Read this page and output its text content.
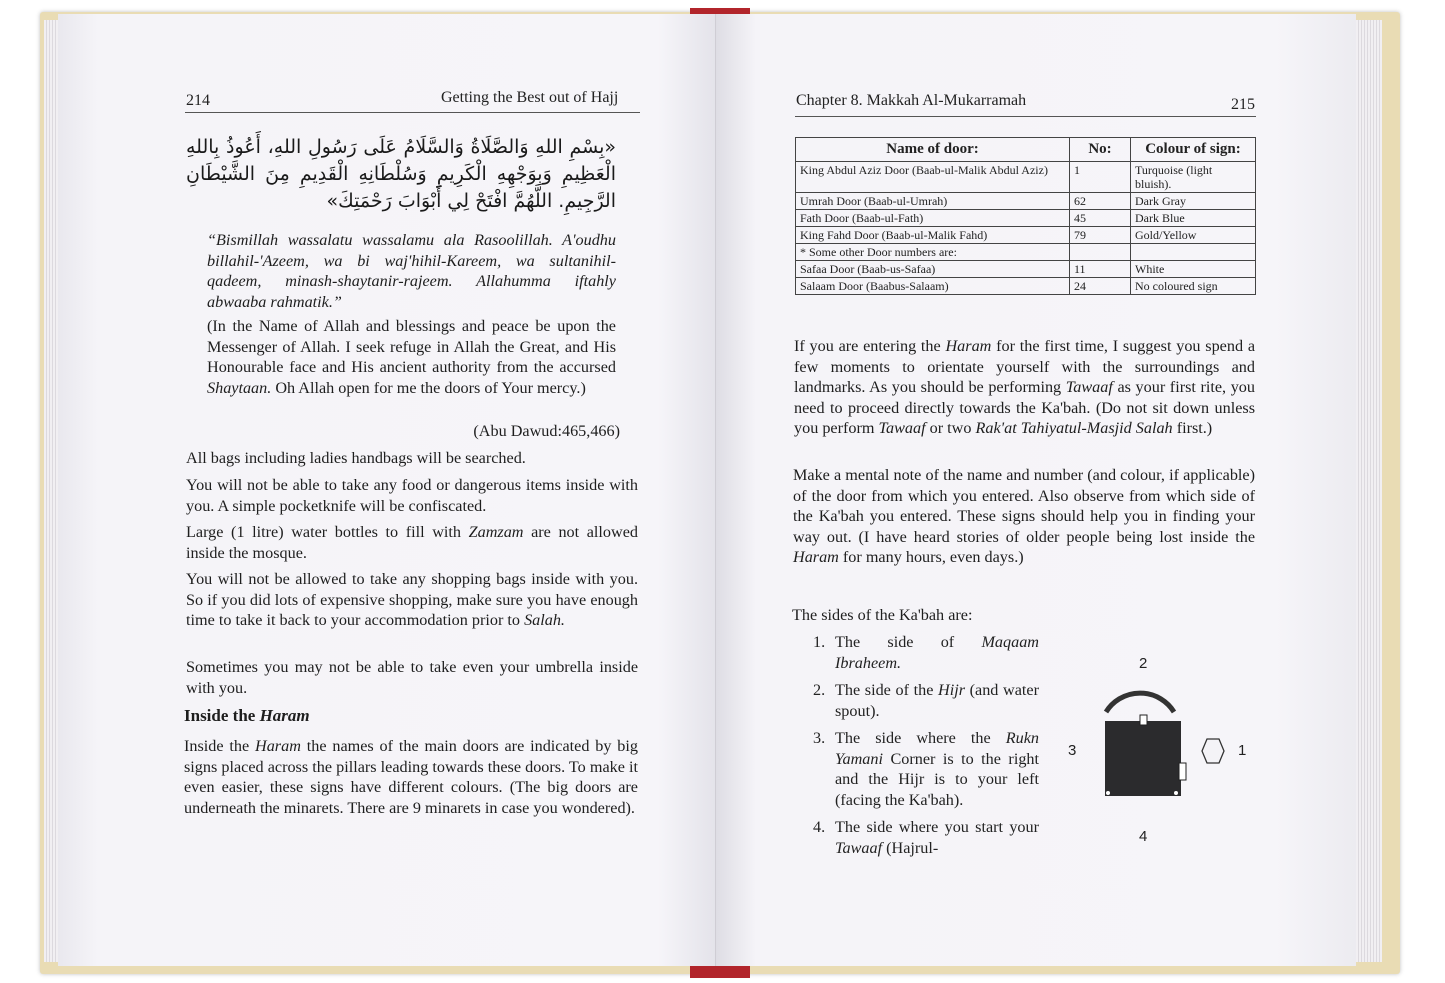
214	Getting the Best out of Hajj
«بِسْمِ اللهِ وَالصَّلَاةُ وَالسَّلَامُ عَلَى رَسُولِ اللهِ، أَعُوذُ بِاللهِ الْعَظِيمِ وَبِوَجْهِهِ الْكَرِيمِ وَسُلْطَانِهِ الْقَدِيمِ مِنَ الشَّيْطَانِ الرَّجِيمِ. اللَّهُمَّ افْتَحْ لِي أَبْوَابَ رَحْمَتِكَ»
“Bismillah wassalatu wassalamu ala Rasoolillah. A'oudhu billahil-'Azeem, wa bi waj'hihil-Kareem, wa sultanihil-qadeem, minash-shaytanir-rajeem. Allahumma iftahly abwaaba rahmatik.”
(In the Name of Allah and blessings and peace be upon the Messenger of Allah. I seek refuge in Allah the Great, and His Honourable face and His ancient authority from the accursed Shaytaan. Oh Allah open for me the doors of Your mercy.)
(Abu Dawud:465,466)
All bags including ladies handbags will be searched.
You will not be able to take any food or dangerous items inside with you. A simple pocketknife will be confiscated.
Large (1 litre) water bottles to fill with Zamzam are not allowed inside the mosque.
You will not be allowed to take any shopping bags inside with you. So if you did lots of expensive shopping, make sure you have enough time to take it back to your accommodation prior to Salah.
Sometimes you may not be able to take even your umbrella inside with you.
Inside the Haram
Inside the Haram the names of the main doors are indicated by big signs placed across the pillars leading towards these doors. To make it even easier, these signs have different colours. (The big doors are underneath the minarets. There are 9 minarets in case you wondered).
Chapter 8. Makkah Al-Mukarramah	215
Name of door:	No:	Colour of sign:
King Abdul Aziz Door (Baab-ul-Malik Abdul Aziz)	1	Turquoise (light bluish).
Umrah Door (Baab-ul-Umrah)	62	Dark Gray
Fath Door (Baab-ul-Fath)	45	Dark Blue
King Fahd Door (Baab-ul-Malik Fahd)	79	Gold/Yellow
* Some other Door numbers are:		
Safaa Door (Baab-us-Safaa)	11	White
Salaam Door (Baabus-Salaam)	24	No coloured sign
If you are entering the Haram for the first time, I suggest you spend a few moments to orientate yourself with the surroundings and landmarks. As you should be performing Tawaaf as your first rite, you need to proceed directly towards the Ka'bah. (Do not sit down unless you perform Tawaaf or two Rak'at Tahiyatul-Masjid Salah first.)
Make a mental note of the name and number (and colour, if applicable) of the door from which you entered. Also observe from which side of the Ka'bah you entered. These signs should help you in finding your way out. (I have heard stories of older people being lost inside the Haram for many hours, even days.)
The sides of the Ka'bah are:
1. The side of Maqaam Ibraheem.
2. The side of the Hijr (and water spout).
3. The side where the Rukn Yamani Corner is to the right and the Hijr is to your left (facing the Ka'bah).
4. The side where you start your Tawaaf (Hajrul-
1
2
3
4
